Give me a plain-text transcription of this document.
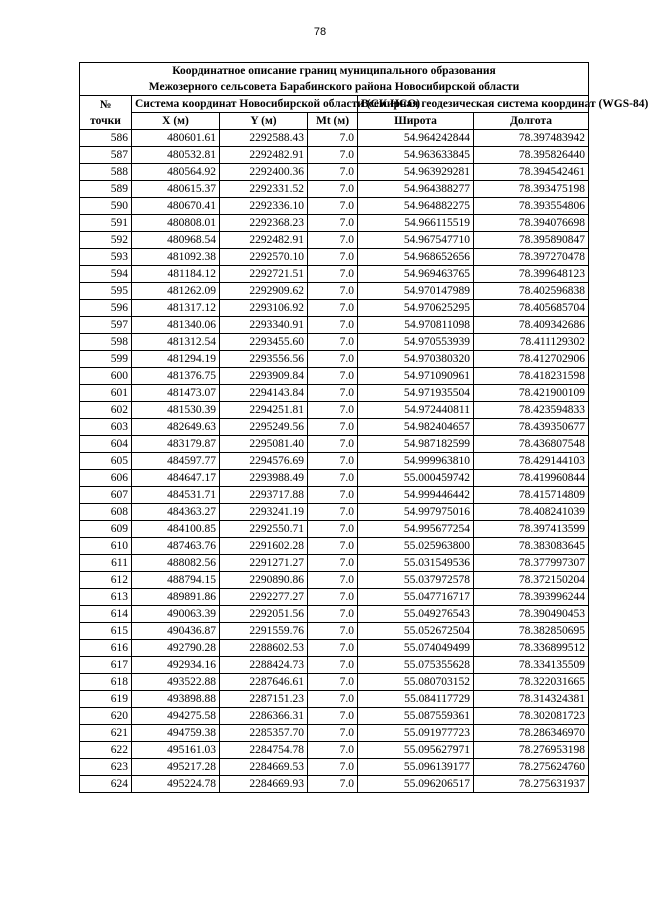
78
Координатное описание границ муниципального образования
Межозерного сельсовета Барабинского района Новосибирской области					

№
точки	Система координат Новосибирской области (СК НСО)			Всемирная геодезическая система координат (WGS-84)	
	X (м)	Y (м)	Mt (м)	Широта	Долгота
586	480601.61	2292588.43	7.0	54.964242844	78.397483942
587	480532.81	2292482.91	7.0	54.963633845	78.395826440
588	480564.92	2292400.36	7.0	54.963929281	78.394542461
589	480615.37	2292331.52	7.0	54.964388277	78.393475198
590	480670.41	2292336.10	7.0	54.964882275	78.393554806
591	480808.01	2292368.23	7.0	54.966115519	78.394076698
592	480968.54	2292482.91	7.0	54.967547710	78.395890847
593	481092.38	2292570.10	7.0	54.968652656	78.397270478
594	481184.12	2292721.51	7.0	54.969463765	78.399648123
595	481262.09	2292909.62	7.0	54.970147989	78.402596838
596	481317.12	2293106.92	7.0	54.970625295	78.405685704
597	481340.06	2293340.91	7.0	54.970811098	78.409342686
598	481312.54	2293455.60	7.0	54.970553939	78.411129302
599	481294.19	2293556.56	7.0	54.970380320	78.412702906
600	481376.75	2293909.84	7.0	54.971090961	78.418231598
601	481473.07	2294143.84	7.0	54.971935504	78.421900109
602	481530.39	2294251.81	7.0	54.972440811	78.423594833
603	482649.63	2295249.56	7.0	54.982404657	78.439350677
604	483179.87	2295081.40	7.0	54.987182599	78.436807548
605	484597.77	2294576.69	7.0	54.999963810	78.429144103
606	484647.17	2293988.49	7.0	55.000459742	78.419960844
607	484531.71	2293717.88	7.0	54.999446442	78.415714809
608	484363.27	2293241.19	7.0	54.997975016	78.408241039
609	484100.85	2292550.71	7.0	54.995677254	78.397413599
610	487463.76	2291602.28	7.0	55.025963800	78.383083645
611	488082.56	2291271.27	7.0	55.031549536	78.377997307
612	488794.15	2290890.86	7.0	55.037972578	78.372150204
613	489891.86	2292277.27	7.0	55.047716717	78.393996244
614	490063.39	2292051.56	7.0	55.049276543	78.390490453
615	490436.87	2291559.76	7.0	55.052672504	78.382850695
616	492790.28	2288602.53	7.0	55.074049499	78.336899512
617	492934.16	2288424.73	7.0	55.075355628	78.334135509
618	493522.88	2287646.61	7.0	55.080703152	78.322031665
619	493898.88	2287151.23	7.0	55.084117729	78.314324381
620	494275.58	2286366.31	7.0	55.087559361	78.302081723
621	494759.38	2285357.70	7.0	55.091977723	78.286346970
622	495161.03	2284754.78	7.0	55.095627971	78.276953198
623	495217.28	2284669.53	7.0	55.096139177	78.275624760
624	495224.78	2284669.93	7.0	55.096206517	78.275631937
